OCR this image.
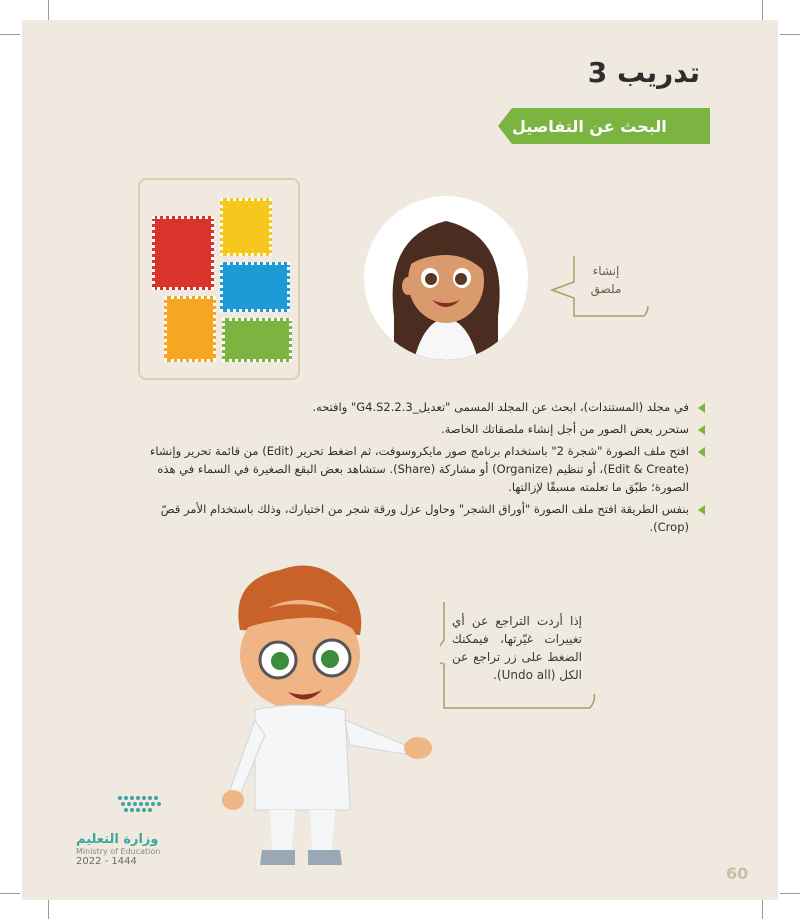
تدريب 3
البحث عن التفاصيل
إنشاء
ملصق
في مجلد (المستندات)، ابحث عن المجلد المسمى "تعديل_G4.S2.2.3" وافتحه.
ستحرر بعض الصور من أجل إنشاء ملصقاتك الخاصة.
افتح ملف الصورة "شجرة 2" باستخدام برنامج صور مايكروسوفت، ثم اضغط تحرير (Edit) من قائمة تحرير وإنشاء (Edit & Create)، أو تنظيم (Organize) أو مشاركة (Share). ستشاهد بعض البقع الصغيرة في السماء في هذه الصورة؛ طبّق ما تعلمته مسبقًا لإزالتها.
بنفس الطريقة افتح ملف الصورة "أوراق الشجر" وحاول عزل ورقة شجر من اختيارك، وذلك باستخدام الأمر قصّ (Crop).
إذا أردت التراجع عن أي تغييرات غيّرتها، فيمكنك الضغط على زر تراجع عن الكل (Undo all).
وزارة التعليم
Ministry of Education
2022 - 1444
60
